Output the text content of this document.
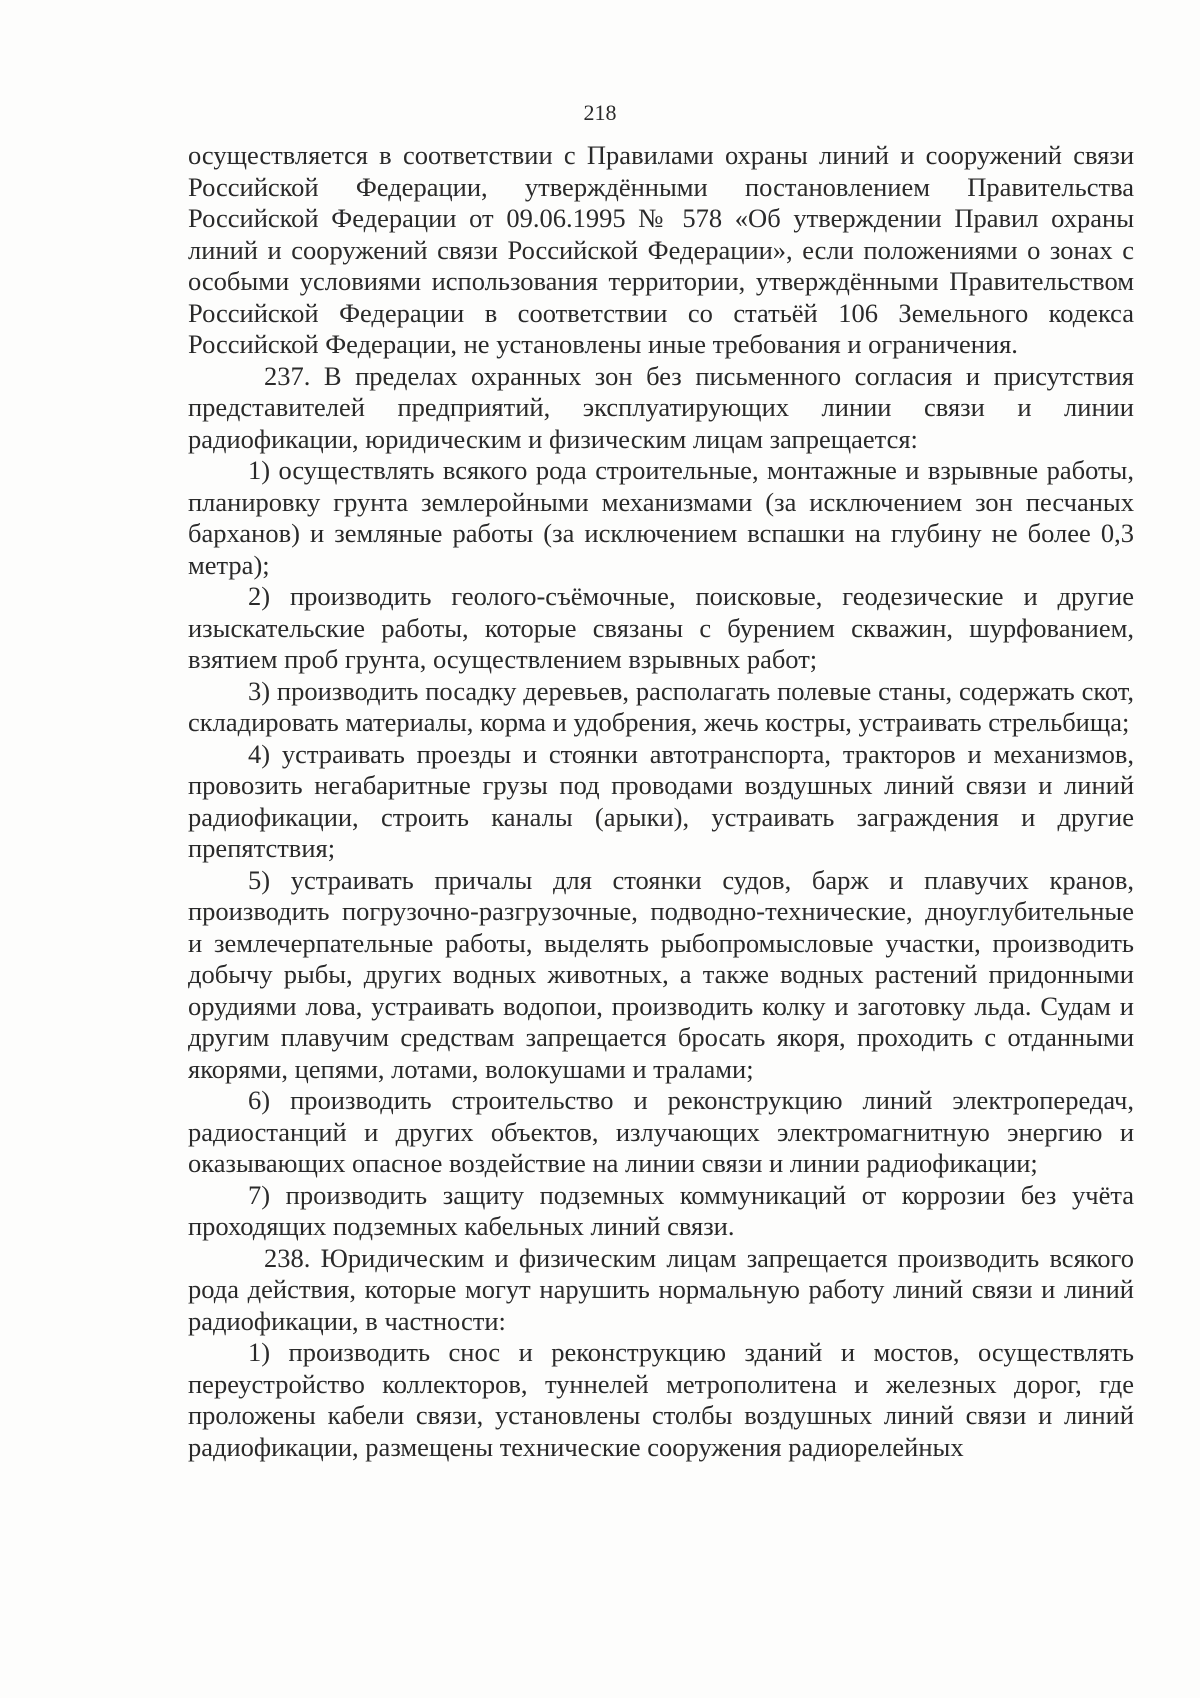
218

осуществляется в соответствии с Правилами охраны линий и сооружений связи Российской Федерации, утверждёнными постановлением Правительства Российской Федерации от 09.06.1995 № 578 «Об утверждении Правил охраны линий и сооружений связи Российской Федерации», если положениями о зонах с особыми условиями использования территории, утверждёнными Правительством Российской Федерации в соответствии со статьёй 106 Земельного кодекса Российской Федерации, не установлены иные требования и ограничения.

237. В пределах охранных зон без письменного согласия и присутствия представителей предприятий, эксплуатирующих линии связи и линии радиофикации, юридическим и физическим лицам запрещается:

1) осуществлять всякого рода строительные, монтажные и взрывные работы, планировку грунта землеройными механизмами (за исключением зон песчаных барханов) и земляные работы (за исключением вспашки на глубину не более 0,3 метра);

2) производить геолого-съёмочные, поисковые, геодезические и другие изыскательские работы, которые связаны с бурением скважин, шурфованием, взятием проб грунта, осуществлением взрывных работ;

3) производить посадку деревьев, располагать полевые станы, содержать скот, складировать материалы, корма и удобрения, жечь костры, устраивать стрельбища;

4) устраивать проезды и стоянки автотранспорта, тракторов и механизмов, провозить негабаритные грузы под проводами воздушных линий связи и линий радиофикации, строить каналы (арыки), устраивать заграждения и другие препятствия;

5) устраивать причалы для стоянки судов, барж и плавучих кранов, производить погрузочно-разгрузочные, подводно-технические, дноуглубительные и землечерпательные работы, выделять рыбопромысловые участки, производить добычу рыбы, других водных животных, а также водных растений придонными орудиями лова, устраивать водопои, производить колку и заготовку льда. Судам и другим плавучим средствам запрещается бросать якоря, проходить с отданными якорями, цепями, лотами, волокушами и тралами;

6) производить строительство и реконструкцию линий электропередач, радиостанций и других объектов, излучающих электромагнитную энергию и оказывающих опасное воздействие на линии связи и линии радиофикации;

7) производить защиту подземных коммуникаций от коррозии без учёта проходящих подземных кабельных линий связи.

238. Юридическим и физическим лицам запрещается производить всякого рода действия, которые могут нарушить нормальную работу линий связи и линий радиофикации, в частности:

1) производить снос и реконструкцию зданий и мостов, осуществлять переустройство коллекторов, туннелей метрополитена и железных дорог, где проложены кабели связи, установлены столбы воздушных линий связи и линий радиофикации, размещены технические сооружения радиорелейных
